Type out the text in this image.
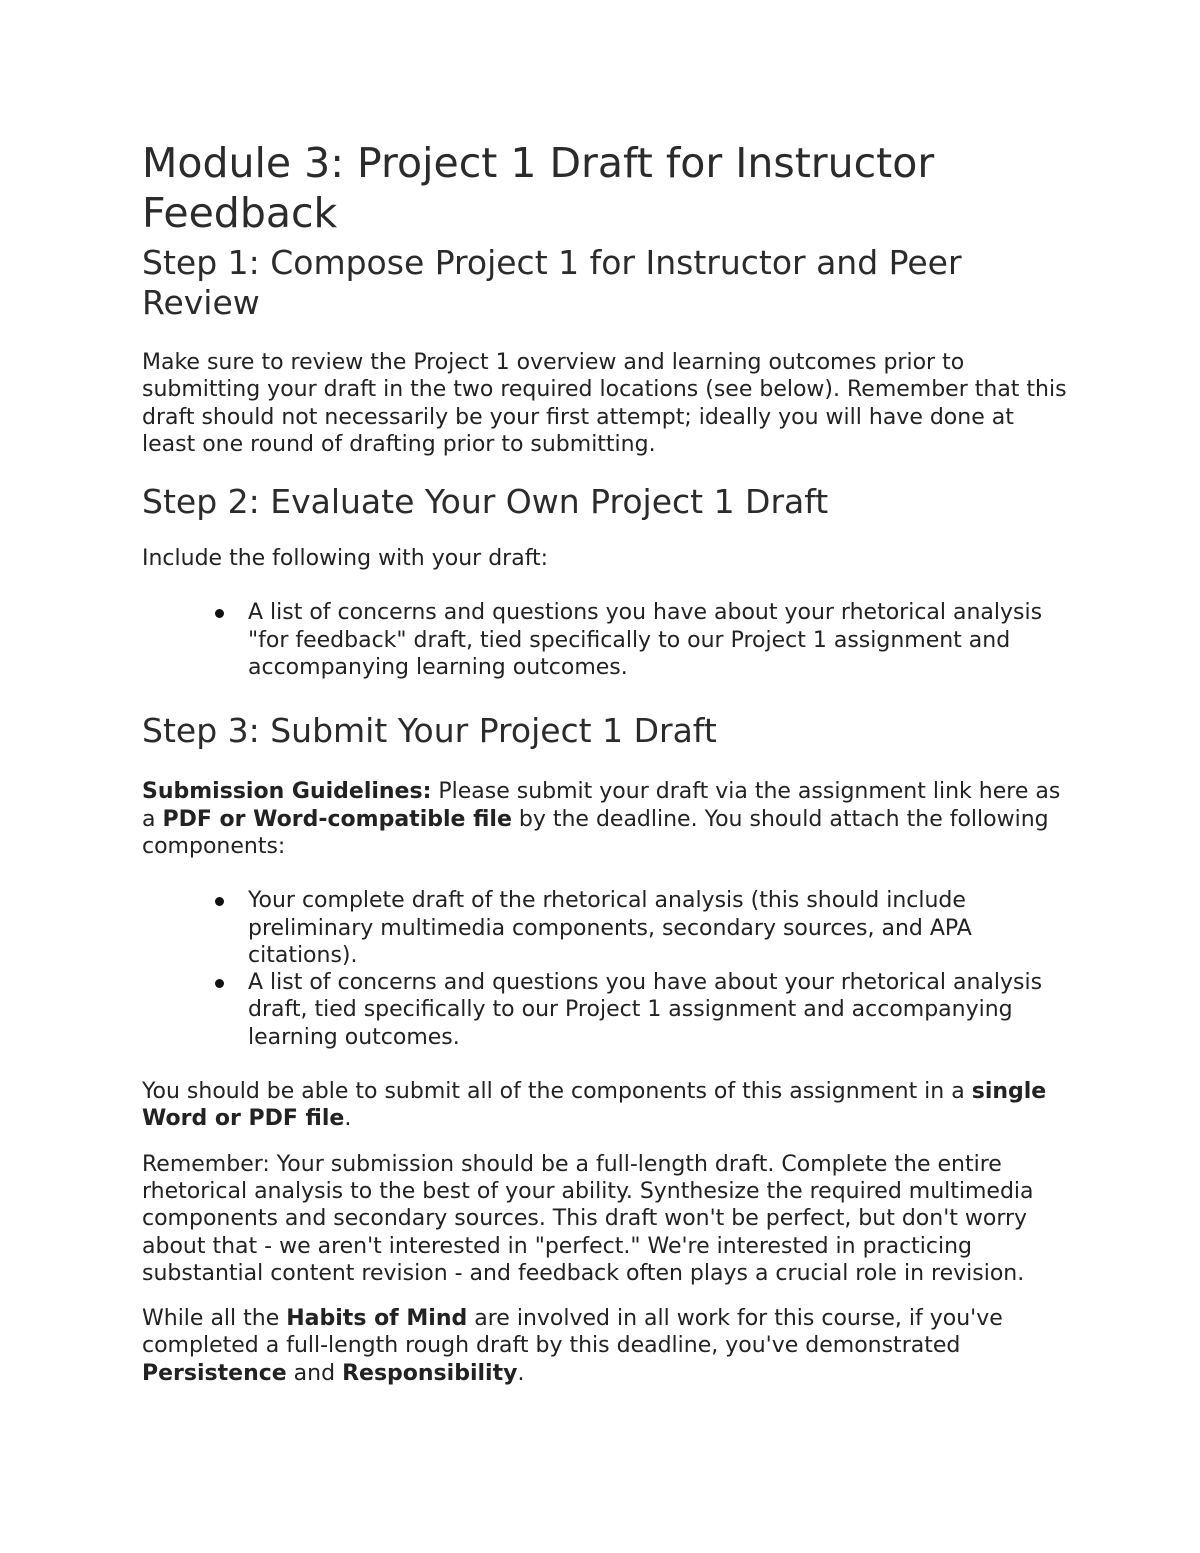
Module 3: Project 1 Draft for Instructor Feedback
Step 1: Compose Project 1 for Instructor and Peer Review

Make sure to review the Project 1 overview and learning outcomes prior to submitting your draft in the two required locations (see below). Remember that this draft should not necessarily be your first attempt; ideally you will have done at least one round of drafting prior to submitting.

Step 2: Evaluate Your Own Project 1 Draft

Include the following with your draft:

A list of concerns and questions you have about your rhetorical analysis "for feedback" draft, tied specifically to our Project 1 assignment and accompanying learning outcomes.
Step 3: Submit Your Project 1 Draft

Submission Guidelines: Please submit your draft via the assignment link here as a PDF or Word-compatible file by the deadline. You should attach the following components:

Your complete draft of the rhetorical analysis (this should include preliminary multimedia components, secondary sources, and APA citations).
A list of concerns and questions you have about your rhetorical analysis draft, tied specifically to our Project 1 assignment and accompanying learning outcomes.

You should be able to submit all of the components of this assignment in a single Word or PDF file.

Remember: Your submission should be a full-length draft. Complete the entire rhetorical analysis to the best of your ability. Synthesize the required multimedia components and secondary sources. This draft won't be perfect, but don't worry about that - we aren't interested in "perfect." We're interested in practicing substantial content revision - and feedback often plays a crucial role in revision.

While all the Habits of Mind are involved in all work for this course, if you've completed a full-length rough draft by this deadline, you've demonstrated Persistence and Responsibility.
